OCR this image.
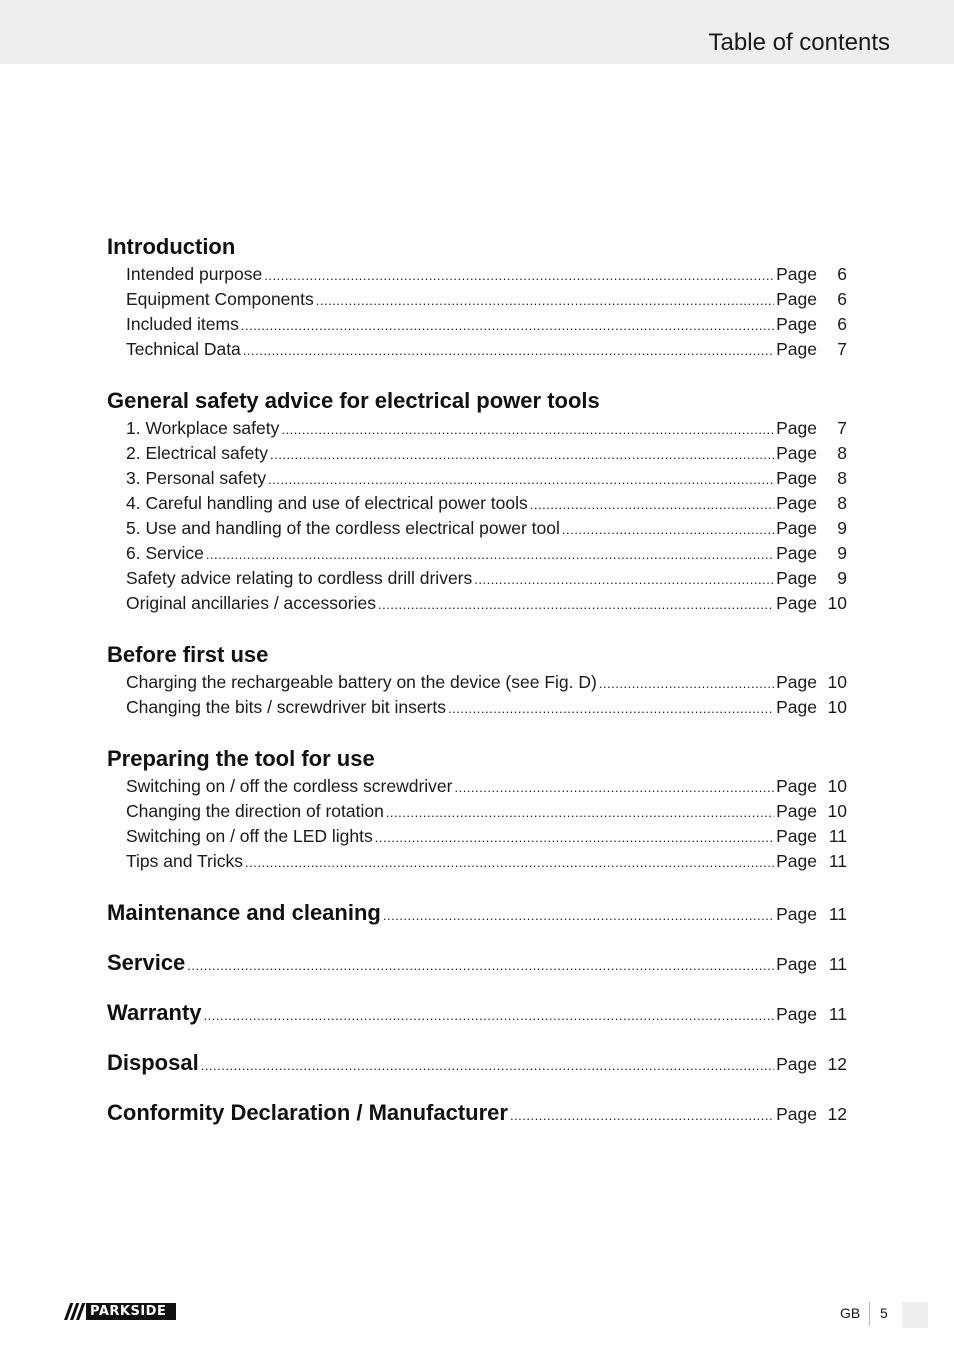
Table of contents
Introduction
Intended purpose .....	Page	6
Equipment Components .....	Page	6
Included items .....	Page	6
Technical Data .....	Page	7
General safety advice for electrical power tools
1. Workplace safety .....	Page	7
2. Electrical safety .....	Page	8
3. Personal safety .....	Page	8
4. Careful handling and use of electrical power tools .....	Page	8
5. Use and handling of the cordless electrical power tool .....	Page	9
6. Service .....	Page	9
Safety advice relating to cordless drill drivers .....	Page	9
Original ancillaries / accessories .....	Page 10
Before first use
Charging the rechargeable battery on the device (see Fig. D) .....	Page 10
Changing the bits / screwdriver bit inserts .....	Page 10
Preparing the tool for use
Switching on / off the cordless screwdriver .....	Page 10
Changing the direction of rotation .....	Page 10
Switching on / off the LED lights .....	Page 11
Tips and Tricks .....	Page 11
Maintenance and cleaning .....	Page 11
Service .....	Page 11
Warranty .....	Page 11
Disposal .....	Page 12
Conformity Declaration / Manufacturer .....	Page 12
PARKSIDE	GB 5
